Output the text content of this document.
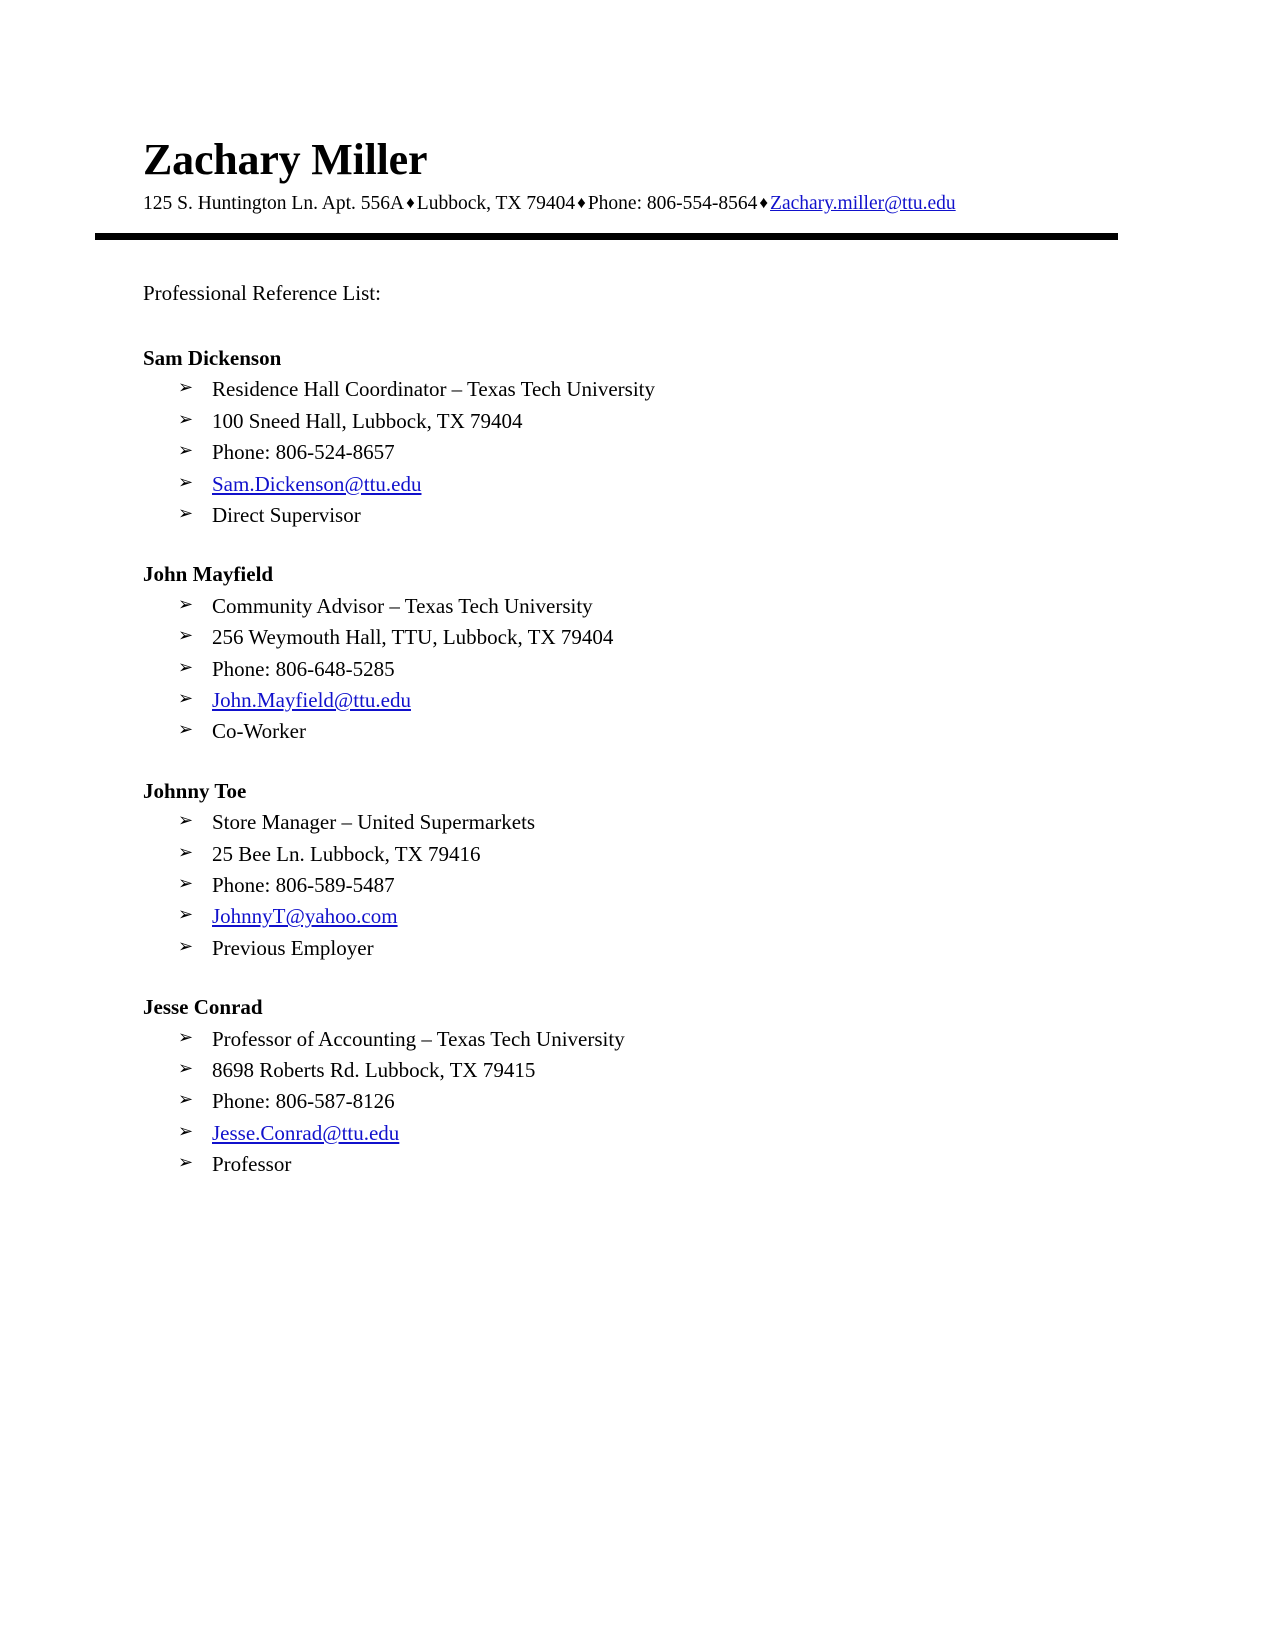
Zachary Miller
125 S. Huntington Ln. Apt. 556A ♦ Lubbock, TX 79404 ♦ Phone: 806-554-8564 ♦ Zachary.miller@ttu.edu
Professional Reference List:
Sam Dickenson
➢ Residence Hall Coordinator – Texas Tech University
➢ 100 Sneed Hall, Lubbock, TX 79404
➢ Phone: 806-524-8657
➢ Sam.Dickenson@ttu.edu
➢ Direct Supervisor
John Mayfield
➢ Community Advisor – Texas Tech University
➢ 256 Weymouth Hall, TTU, Lubbock, TX 79404
➢ Phone: 806-648-5285
➢ John.Mayfield@ttu.edu
➢ Co-Worker
Johnny Toe
➢ Store Manager – United Supermarkets
➢ 25 Bee Ln. Lubbock, TX 79416
➢ Phone: 806-589-5487
➢ JohnnyT@yahoo.com
➢ Previous Employer
Jesse Conrad
➢ Professor of Accounting – Texas Tech University
➢ 8698 Roberts Rd. Lubbock, TX 79415
➢ Phone: 806-587-8126
➢ Jesse.Conrad@ttu.edu
➢ Professor
